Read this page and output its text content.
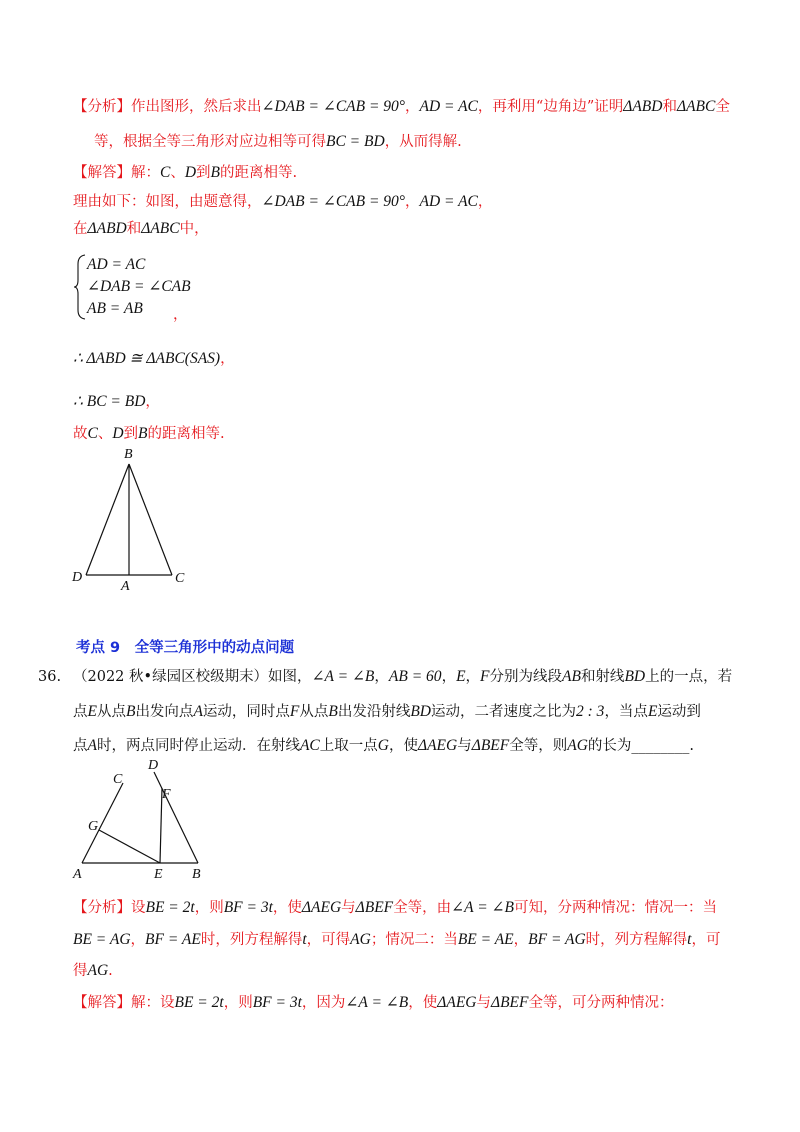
【分析】作出图形，然后求出∠DAB = ∠CAB = 90°，AD = AC，再利用“边角边”证明ΔABD和ΔABC全
等，根据全等三角形对应边相等可得BC = BD，从而得解.
【解答】解：C、D到B的距离相等.
理由如下：如图，由题意得，∠DAB = ∠CAB = 90°，AD = AC，
在ΔABD和ΔABC中，
AD = AC
∠DAB = ∠CAB
AB = AB ，
∴ ΔABD ≅ ΔABC(SAS)，
∴ BC = BD，
故C、D到B的距离相等.
B
D
A
C
考点 9　全等三角形中的动点问题
36. （2022 秋•绿园区校级期末）如图，∠A = ∠B，AB = 60，E，F分别为线段AB和射线BD上的一点，若
点E从点B出发向点A运动，同时点F从点B出发沿射线BD运动，二者速度之比为2 : 3，当点E运动到
点A时，两点同时停止运动．在射线AC上取一点G，使ΔAEG与ΔBEF全等，则AG的长为________.
D
C
F
G
A	E B
【分析】设BE = 2t，则BF = 3t，使ΔAEG与ΔBEF全等，由∠A = ∠B可知，分两种情况：情况一：当
BE = AG，BF = AE时，列方程解得t，可得AG；情况二：当BE = AE，BF = AG时，列方程解得t，可
得AG.
【解答】解：设BE = 2t，则BF = 3t，因为∠A = ∠B，使ΔAEG与ΔBEF全等，可分两种情况：
